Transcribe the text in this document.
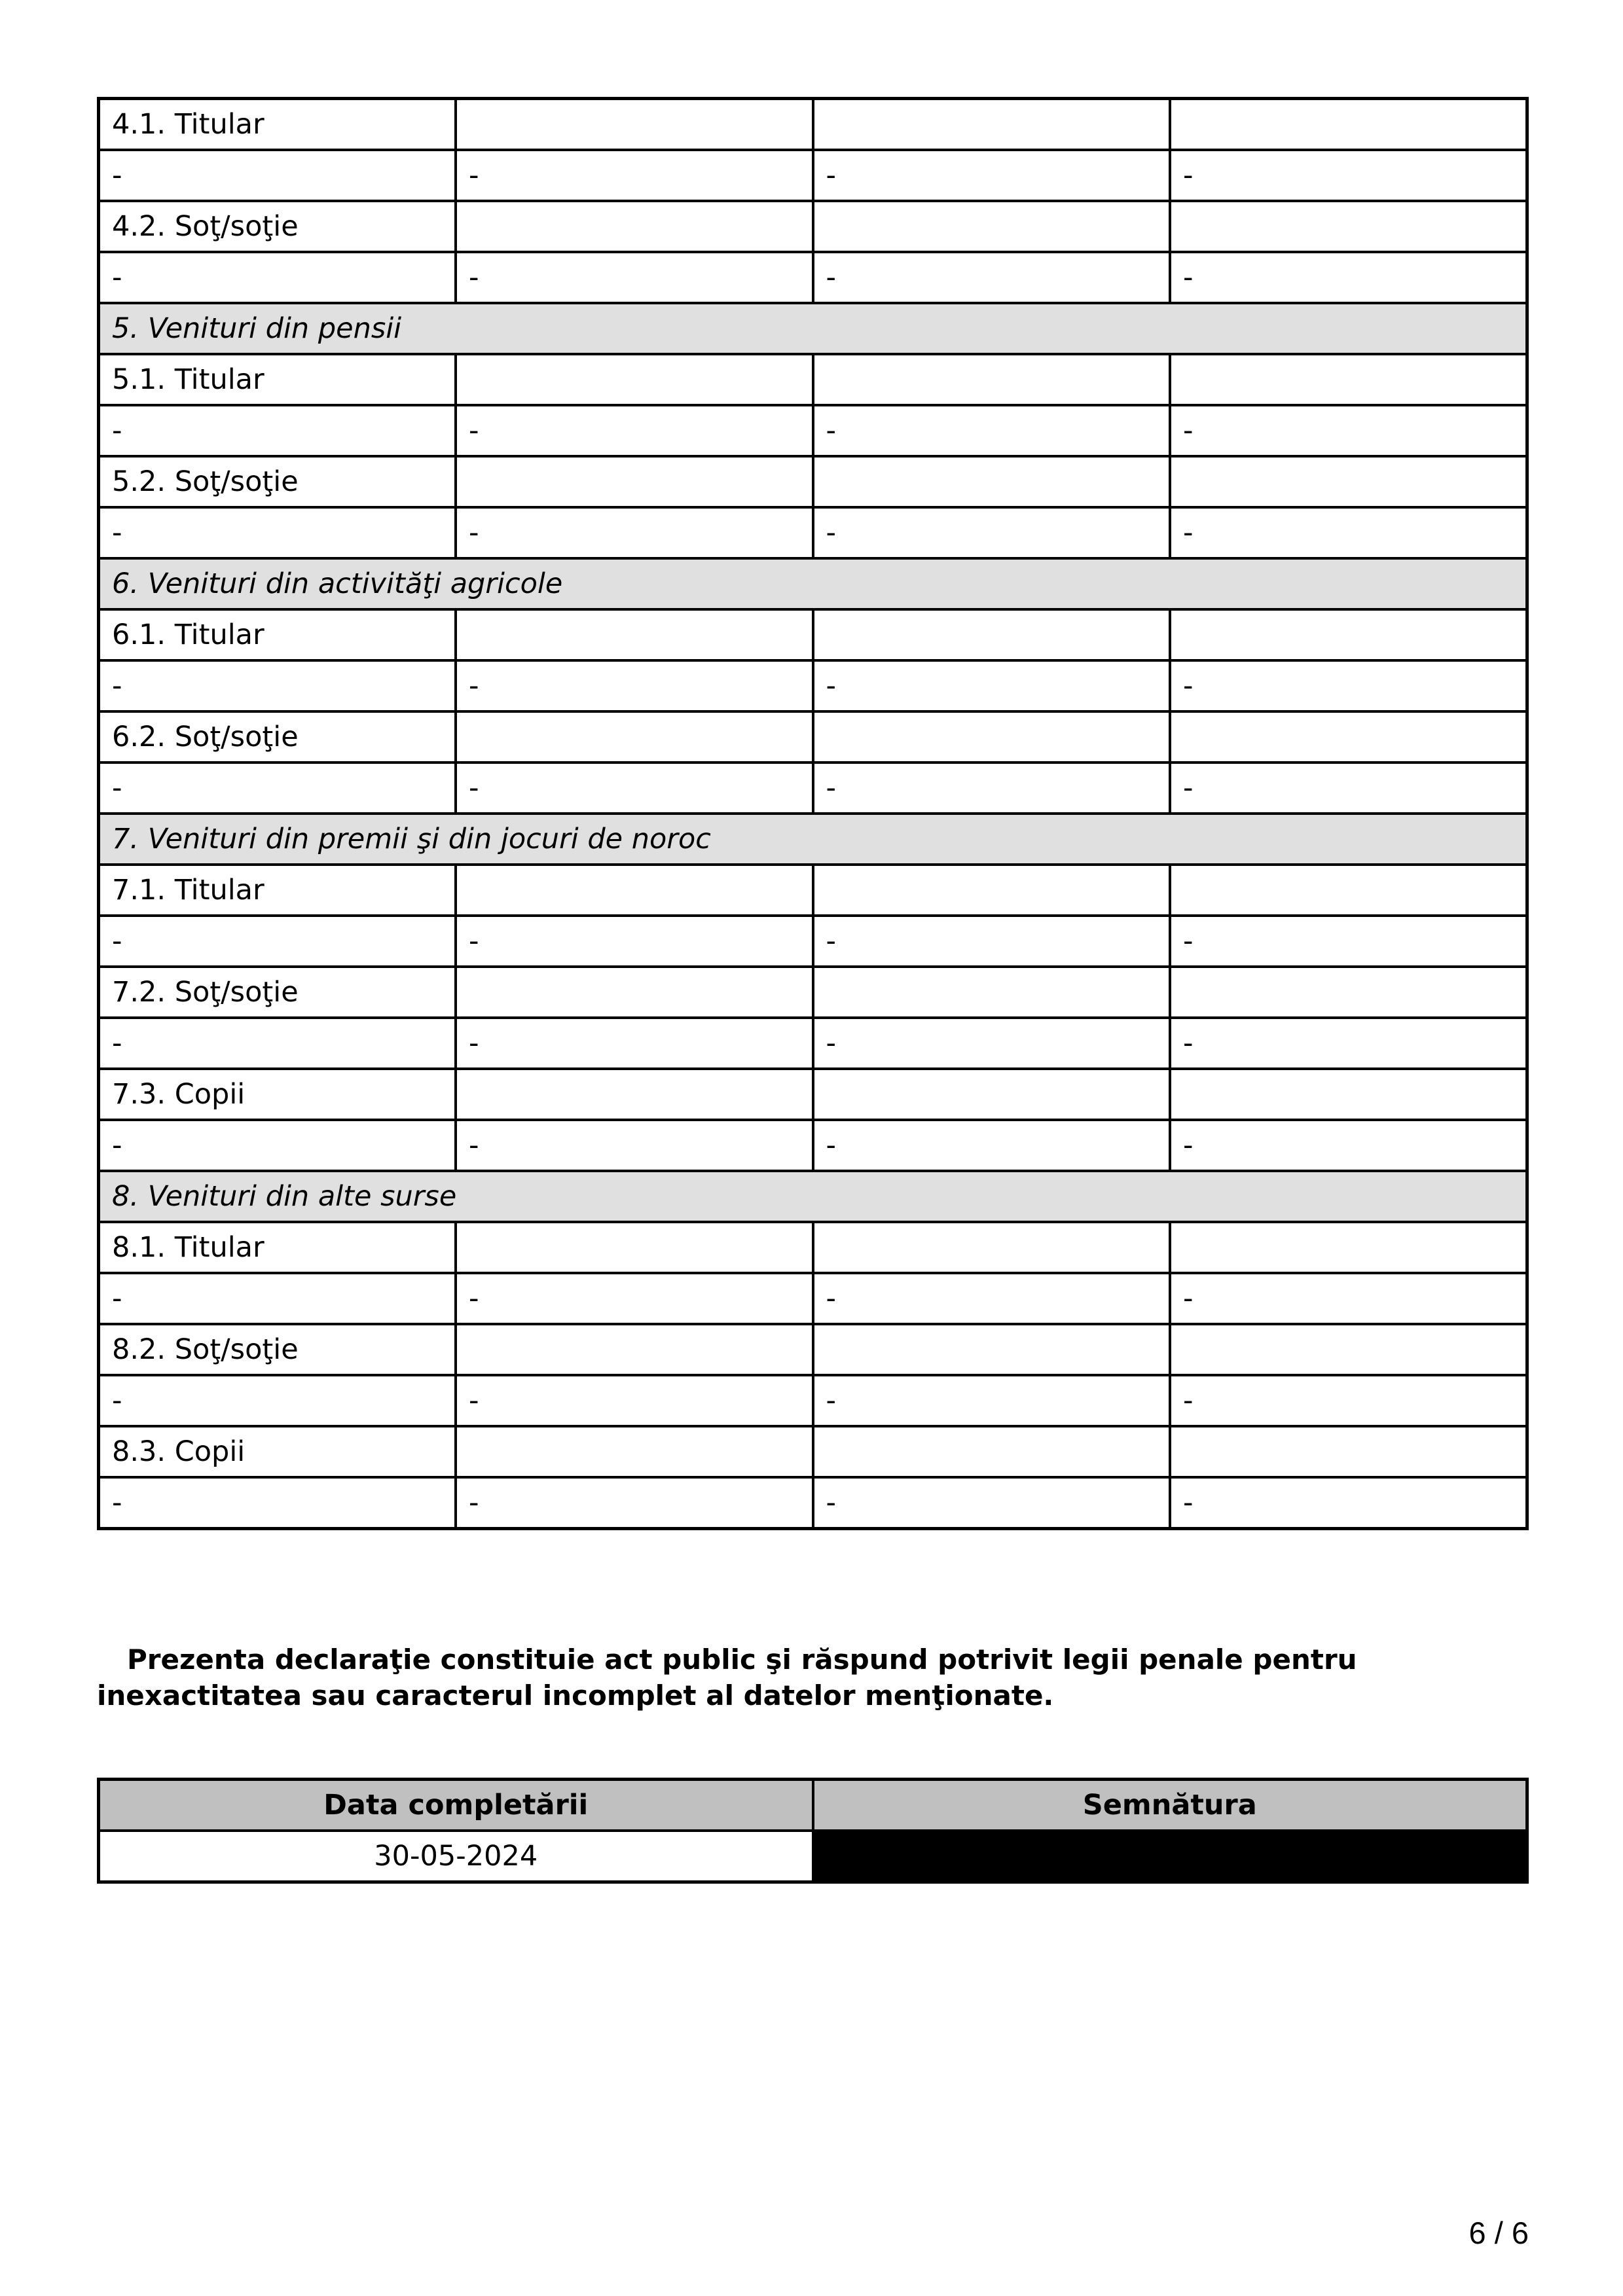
4.1. Titular			
-	-	-	-
4.2. Soţ/soţie			
-	-	-	-
5. Venituri din pensii			
5.1. Titular			
-	-	-	-
5.2. Soţ/soţie			
-	-	-	-
6. Venituri din activităţi agricole			
6.1. Titular			
-	-	-	-
6.2. Soţ/soţie			
-	-	-	-
7. Venituri din premii şi din jocuri de noroc			
7.1. Titular			
-	-	-	-
7.2. Soţ/soţie			
-	-	-	-
7.3. Copii			
-	-	-	-
8. Venituri din alte surse			
8.1. Titular			
-	-	-	-
8.2. Soţ/soţie			
-	-	-	-
8.3. Copii			
-	-	-	-

Prezenta declaraţie constituie act public şi răspund potrivit legii penale pentru inexactitatea sau caracterul incomplet al datelor menţionate.

Data completării	Semnătura
30-05-2024	
6 / 6
